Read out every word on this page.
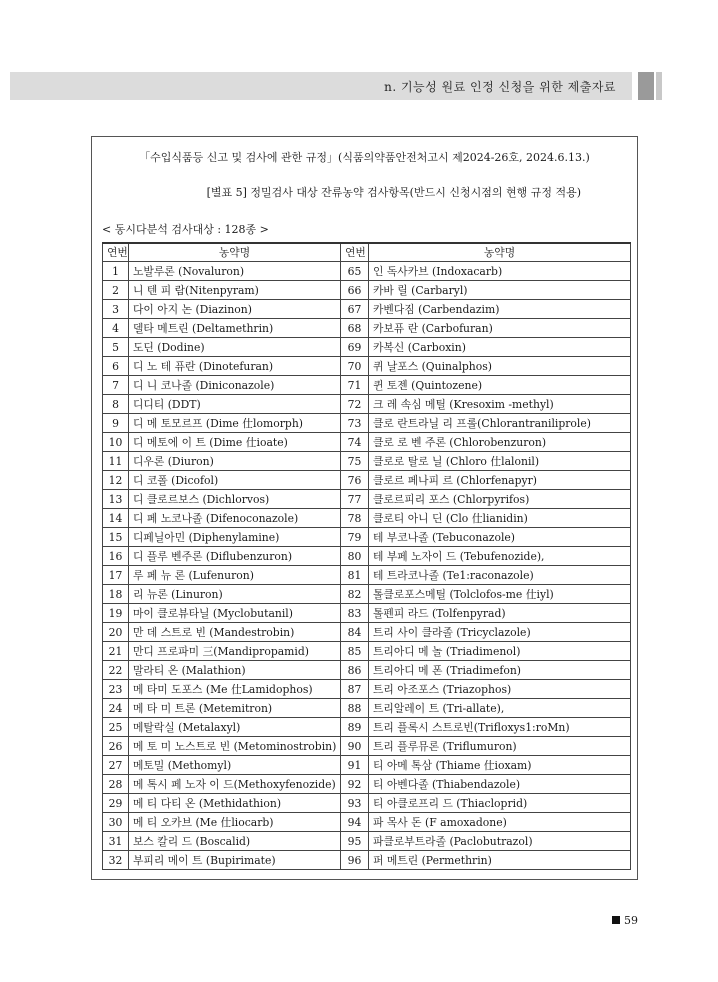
n. 기능성 원료 인정 신청을 위한 제출자료
「수입식품등 신고 및 검사에 관한 규정」(식품의약품안전처고시 제2024-26호, 2024.6.13.)
[별표 5] 정밀검사 대상 잔류농약 검사항목(반드시 신청시점의 현행 규정 적용)
< 동시다분석 검사대상 : 128종 >
연번	농약명	연번	농약명
1	노발루론 (Novaluron)	65	인 독사카브 (Indoxacarb)
2	니 텐 피 람(Nitenpyram)	66	카바 릴 (Carbaryl)
3	다이 아지 논 (Diazinon)	67	카벤다짐 (Carbendazim)
4	델타 메트린 (Deltamethrin)	68	카보퓨 란 (Carbofuran)
5	도딘 (Dodine)	69	카복신 (Carboxin)
6	디 노 테 퓨란 (Dinotefuran)	70	퀴 날포스 (Quinalphos)
7	디 니 코나졸 (Diniconazole)	71	퀸 토젠 (Quintozene)
8	디디티 (DDT)	72	크 레 속심 메틸 (Kresoxim -methyl)
9	디 메 토모르프 (Dime 仕lomorph)	73	클로 란트라닐 리 프롤(Chlorantraniliprole)
10	디 메토에 이 트 (Dime 仕ioate)	74	클로 로 벤 주론 (Chlorobenzuron)
11	디우론 (Diuron)	75	클로로 탈로 닐 (Chloro 仕lalonil)
12	디 코폴 (Dicofol)	76	클로르 페나피 르 (Chlorfenapyr)
13	디 클로르보스 (Dichlorvos)	77	클로르피리 포스 (Chlorpyrifos)
14	디 페 노코나졸 (Difenoconazole)	78	클로티 아니 딘 (Clo 仕lianidin)
15	디페닐아민 (Diphenylamine)	79	테 부코나졸 (Tebuconazole)
16	디 플루 벤주론 (Diflubenzuron)	80	테 부페 노자이 드 (Tebufenozide),
17	루 페 뉴 론 (Lufenuron)	81	테 트라코나졸 (Te1:raconazole)
18	리 뉴론 (Linuron)	82	톨클로포스메틸 (Tolclofos-me 仕iyl)
19	마이 클로뷰타닐 (Myclobutanil)	83	톨펜피 라드 (Tolfenpyrad)
20	만 데 스트로 빈 (Mandestrobin)	84	트리 사이 클라졸 (Tricyclazole)
21	만디 프로파미 三(Mandipropamid)	85	트리아디 메 놀 (Triadimenol)
22	말라티 온 (Malathion)	86	트리아디 메 폰 (Triadimefon)
23	메 타미 도포스 (Me 仕Lamidophos)	87	트리 아조포스 (Triazophos)
24	메 타 미 트론 (Metemitron)	88	트리알레이 트 (Tri-allate),
25	메탈락실 (Metalaxyl)	89	트리 플록시 스트로빈(Trifloxys1:roMn)
26	메 토 미 노스트로 빈 (Metominostrobin)	90	트리 플루뮤론 (Triflumuron)
27	메토밀 (Methomyl)	91	티 아메 톡삼 (Thiame 仕ioxam)
28	메 톡시 페 노자 이 드(Methoxyfenozide)	92	티 아벤다졸 (Thiabendazole)
29	메 티 다티 온 (Methidathion)	93	티 아클로프리 드 (Thiacloprid)
30	메 티 오카브 (Me 仕liocarb)	94	파 목사 돈 (F amoxadone)
31	보스 칼리 드 (Boscalid)	95	파클로부트라졸 (Paclobutrazol)
32	부피리 메이 트 (Bupirimate)	96	퍼 메트린 (Permethrin)
59
